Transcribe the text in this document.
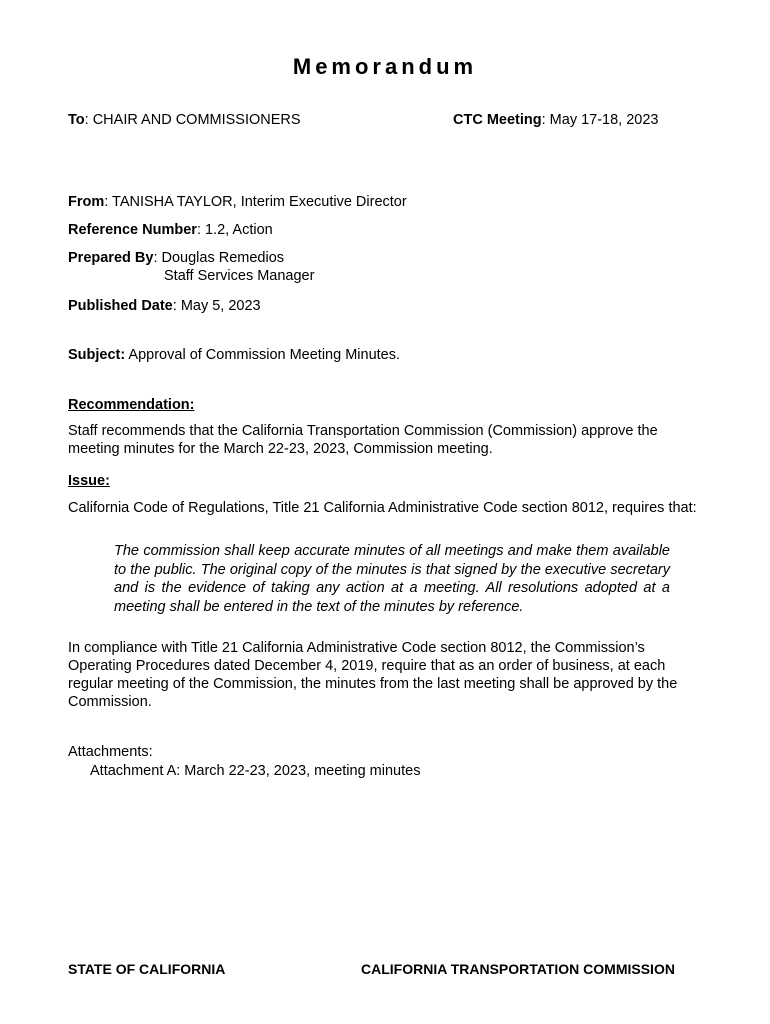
Memorandum
To: CHAIR AND COMMISSIONERS	CTC Meeting: May 17-18, 2023
From: TANISHA TAYLOR, Interim Executive Director
Reference Number: 1.2, Action
Prepared By: Douglas Remedios
Staff Services Manager
Published Date: May 5, 2023
Subject: Approval of Commission Meeting Minutes.
Recommendation:
Staff recommends that the California Transportation Commission (Commission) approve the meeting minutes for the March 22-23, 2023, Commission meeting.
Issue:
California Code of Regulations, Title 21 California Administrative Code section 8012, requires that:
The commission shall keep accurate minutes of all meetings and make them available to the public. The original copy of the minutes is that signed by the executive secretary and is the evidence of taking any action at a meeting. All resolutions adopted at a meeting shall be entered in the text of the minutes by reference.
In compliance with Title 21 California Administrative Code section 8012, the Commission’s Operating Procedures dated December 4, 2019, require that as an order of business, at each regular meeting of the Commission, the minutes from the last meeting shall be approved by the Commission.
Attachments:
Attachment A: March 22-23, 2023, meeting minutes
STATE OF CALIFORNIA	CALIFORNIA TRANSPORTATION COMMISSION
